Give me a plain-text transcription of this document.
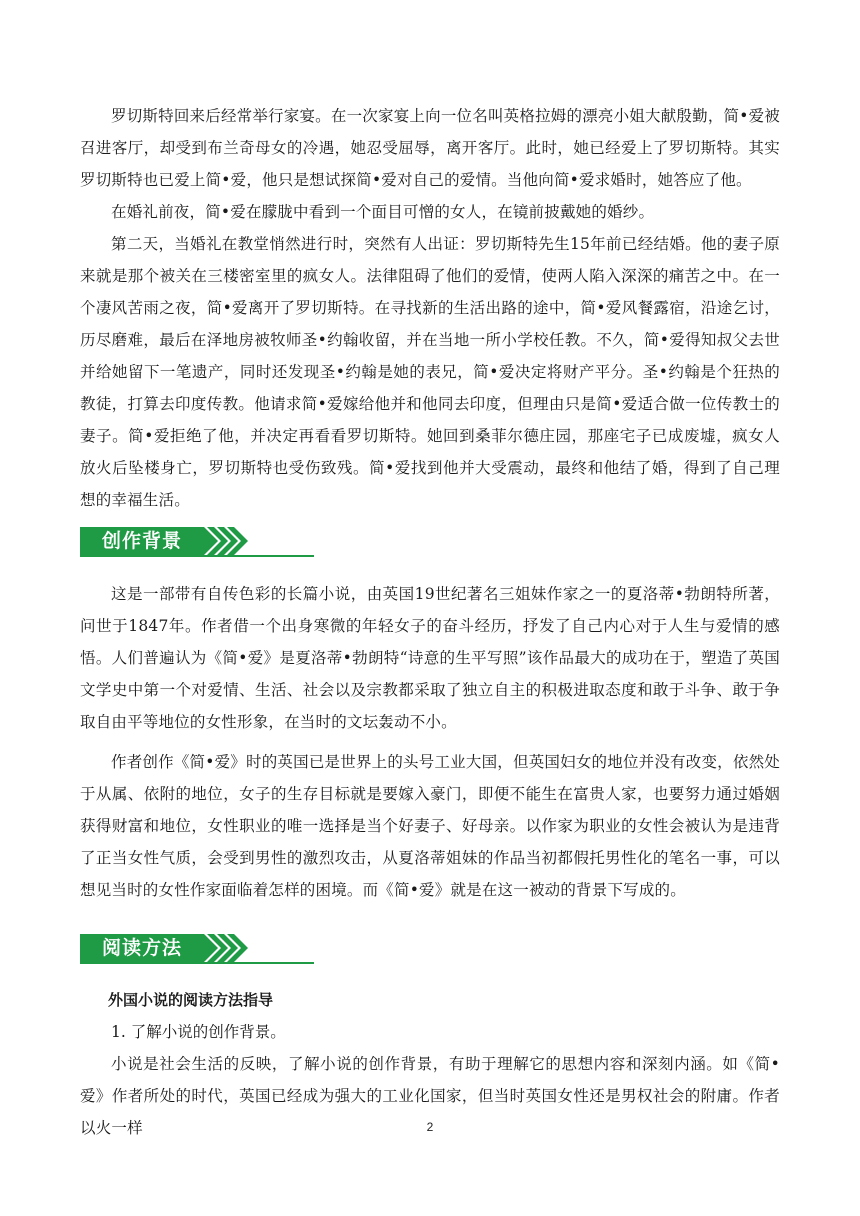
罗切斯特回来后经常举行家宴。在一次家宴上向一位名叫英格拉姆的漂亮小姐大献殷勤，简•爱被召进客厅，却受到布兰奇母女的冷遇，她忍受屈辱，离开客厅。此时，她已经爱上了罗切斯特。其实罗切斯特也已爱上简•爱，他只是想试探简•爱对自己的爱情。当他向简•爱求婚时，她答应了他。

在婚礼前夜，简•爱在朦胧中看到一个面目可憎的女人，在镜前披戴她的婚纱。

第二天，当婚礼在教堂悄然进行时，突然有人出证：罗切斯特先生15年前已经结婚。他的妻子原来就是那个被关在三楼密室里的疯女人。法律阻碍了他们的爱情，使两人陷入深深的痛苦之中。在一个凄风苦雨之夜，简•爱离开了罗切斯特。在寻找新的生活出路的途中，简•爱风餐露宿，沿途乞讨，历尽磨难，最后在泽地房被牧师圣•约翰收留，并在当地一所小学校任教。不久，简•爱得知叔父去世并给她留下一笔遗产，同时还发现圣•约翰是她的表兄，简•爱决定将财产平分。圣•约翰是个狂热的教徒，打算去印度传教。他请求简•爱嫁给他并和他同去印度，但理由只是简•爱适合做一位传教士的妻子。简•爱拒绝了他，并决定再看看罗切斯特。她回到桑菲尔德庄园，那座宅子已成废墟，疯女人放火后坠楼身亡，罗切斯特也受伤致残。简•爱找到他并大受震动，最终和他结了婚，得到了自己理想的幸福生活。

创作背景

这是一部带有自传色彩的长篇小说，由英国19世纪著名三姐妹作家之一的夏洛蒂•勃朗特所著，问世于1847年。作者借一个出身寒微的年轻女子的奋斗经历，抒发了自己内心对于人生与爱情的感悟。人们普遍认为《简•爱》是夏洛蒂•勃朗特“诗意的生平写照”该作品最大的成功在于，塑造了英国文学史中第一个对爱情、生活、社会以及宗教都采取了独立自主的积极进取态度和敢于斗争、敢于争取自由平等地位的女性形象，在当时的文坛轰动不小。

作者创作《简•爱》时的英国已是世界上的头号工业大国，但英国妇女的地位并没有改变，依然处于从属、依附的地位，女子的生存目标就是要嫁入豪门，即便不能生在富贵人家，也要努力通过婚姻获得财富和地位，女性职业的唯一选择是当个好妻子、好母亲。以作家为职业的女性会被认为是违背了正当女性气质，会受到男性的激烈攻击，从夏洛蒂姐妹的作品当初都假托男性化的笔名一事，可以想见当时的女性作家面临着怎样的困境。而《简•爱》就是在这一被动的背景下写成的。

阅读方法

外国小说的阅读方法指导

1. 了解小说的创作背景。

小说是社会生活的反映，了解小说的创作背景，有助于理解它的思想内容和深刻内涵。如《简•爱》作者所处的时代，英国已经成为强大的工业化国家，但当时英国女性还是男权社会的附庸。作者以火一样	2
